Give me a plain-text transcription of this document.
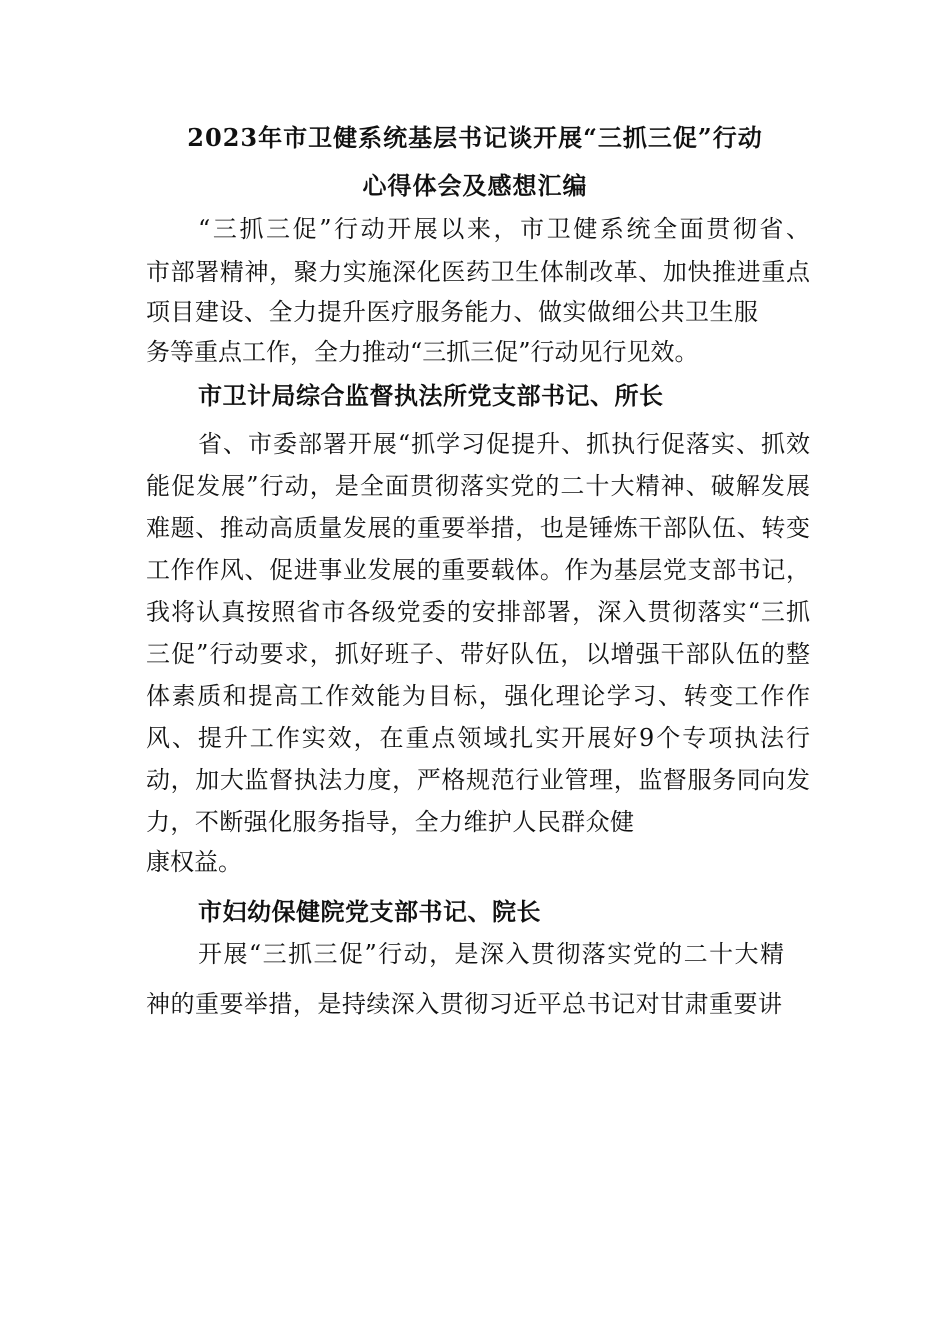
2023年市卫健系统基层书记谈开展“三抓三促”行动
心得体会及感想汇编
“三抓三促”行动开展以来，市卫健系统全面贯彻省、
市部署精神，聚力实施深化医药卫生体制改革、加快推进重点
项目建设、全力提升医疗服务能力、做实做细公共卫生服
务等重点工作，全力推动“三抓三促”行动见行见效。
市卫计局综合监督执法所党支部书记、所长
省、市委部署开展“抓学习促提升、抓执行促落实、抓效
能促发展”行动，是全面贯彻落实党的二十大精神、破解发展
难题、推动高质量发展的重要举措，也是锤炼干部队伍、转变
工作作风、促进事业发展的重要载体。作为基层党支部书记，
我将认真按照省市各级党委的安排部署，深入贯彻落实“三抓
三促”行动要求，抓好班子、带好队伍，以增强干部队伍的整
体素质和提高工作效能为目标，强化理论学习、转变工作作
风、提升工作实效，在重点领域扎实开展好9个专项执法行
动，加大监督执法力度，严格规范行业管理，监督服务同向发
力，不断强化服务指导，全力维护人民群众健
康权益。
市妇幼保健院党支部书记、院长
开展“三抓三促”行动，是深入贯彻落实党的二十大精
神的重要举措，是持续深入贯彻习近平总书记对甘肃重要讲
